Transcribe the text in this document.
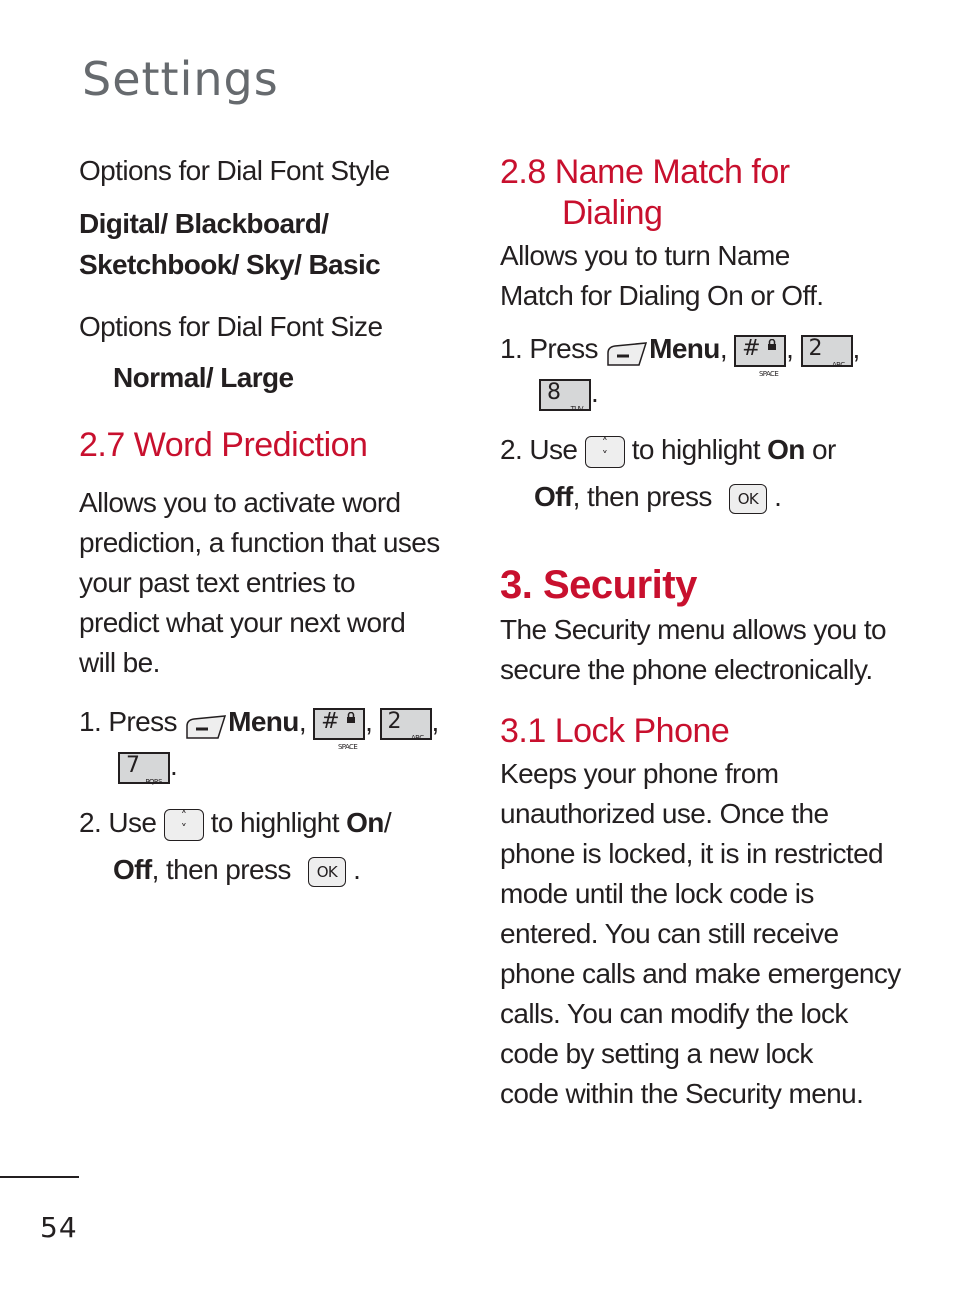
Settings
Options for Dial Font Style
Digital/ Blackboard/
Sketchbook/ Sky/ Basic
Options for Dial Font Size
Normal/ Large
2.7 Word Prediction
Allows you to activate word
prediction, a function that uses
your past text entries to
predict what your next word
will be.
1. Press Menu, #
SPACE
, 2
ABC
,
7
PQRS
.
2. Use ˄
˅ to highlight On/
Off, then press OK .
2.8 Name Match for
Dialing
Allows you to turn Name
Match for Dialing On or Off.
1. Press Menu, #
SPACE
, 2
ABC
,
8
TUV
.
2. Use ˄
˅ to highlight On or
Off, then press OK .
3. Security
The Security menu allows you to
secure the phone electronically.
3.1 Lock Phone
Keeps your phone from
unauthorized use. Once the
phone is locked, it is in restricted
mode until the lock code is
entered. You can still receive
phone calls and make emergency
calls. You can modify the lock
code by setting a new lock
code within the Security menu.
54
